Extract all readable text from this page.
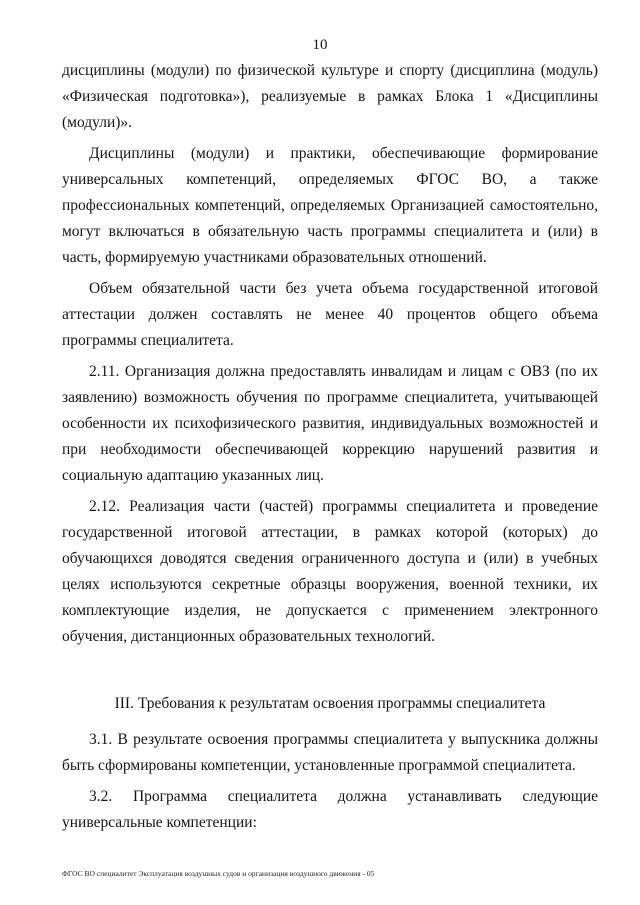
10

дисциплины (модули) по физической культуре и спорту (дисциплина (модуль) «Физическая подготовка»), реализуемые в рамках Блока 1 «Дисциплины (модули)».

Дисциплины (модули) и практики, обеспечивающие формирование универсальных компетенций, определяемых ФГОС ВО, а также профессиональных компетенций, определяемых Организацией самостоятельно, могут включаться в обязательную часть программы специалитета и (или) в часть, формируемую участниками образовательных отношений.

Объем обязательной части без учета объема государственной итоговой аттестации должен составлять не менее 40 процентов общего объема программы специалитета.

2.11. Организация должна предоставлять инвалидам и лицам с ОВЗ (по их заявлению) возможность обучения по программе специалитета, учитывающей особенности их психофизического развития, индивидуальных возможностей и при необходимости обеспечивающей коррекцию нарушений развития и социальную адаптацию указанных лиц.

2.12. Реализация части (частей) программы специалитета и проведение государственной итоговой аттестации, в рамках которой (которых) до обучающихся доводятся сведения ограниченного доступа и (или) в учебных целях используются секретные образцы вооружения, военной техники, их комплектующие изделия, не допускается с применением электронного обучения, дистанционных образовательных технологий.

III. Требования к результатам освоения программы специалитета

3.1. В результате освоения программы специалитета у выпускника должны быть сформированы компетенции, установленные программой специалитета.

3.2. Программа специалитета должна устанавливать следующие универсальные компетенции:

ФГОС ВО специалитет Эксплуатация воздушных судов и организация воздушного движения - 05
